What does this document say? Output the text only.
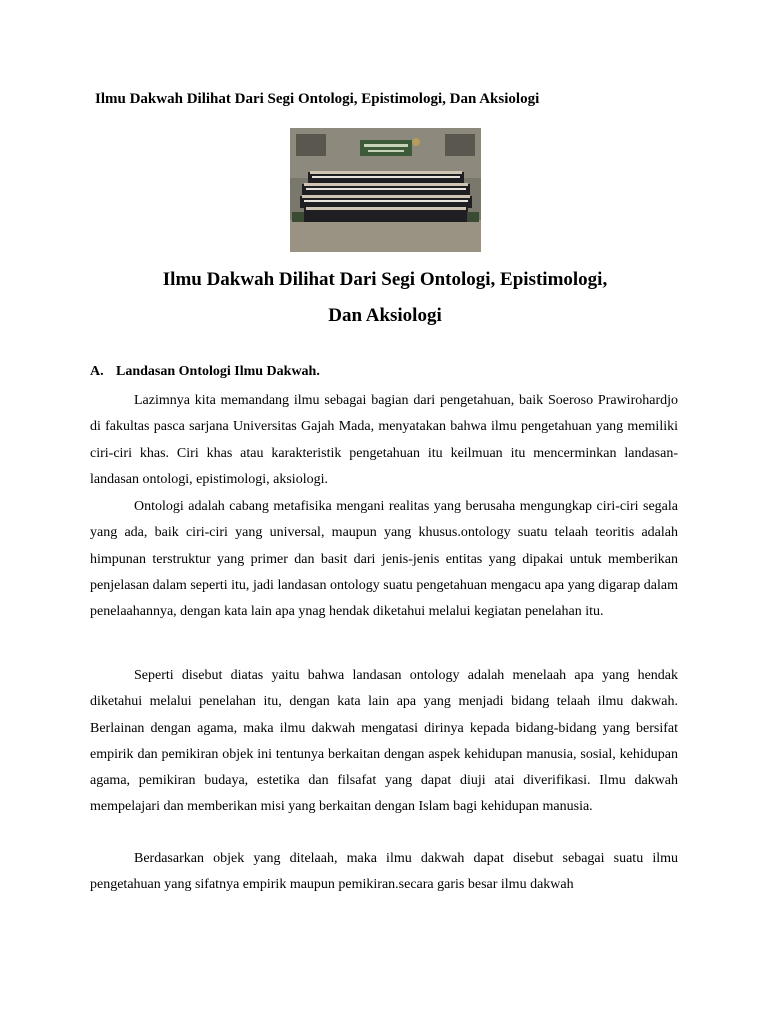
Ilmu Dakwah Dilihat Dari Segi Ontologi, Epistimologi, Dan Aksiologi
Ilmu Dakwah Dilihat Dari Segi Ontologi, Epistimologi,
Dan Aksiologi
A. Landasan Ontologi Ilmu Dakwah.

Lazimnya kita memandang ilmu sebagai bagian dari pengetahuan, baik Soeroso Prawirohardjo di fakultas pasca sarjana Universitas Gajah Mada, menyatakan bahwa ilmu pengetahuan yang memiliki ciri-ciri khas. Ciri khas atau karakteristik pengetahuan itu keilmuan itu mencerminkan landasan-landasan ontologi, epistimologi, aksiologi.

Ontologi adalah cabang metafisika mengani realitas yang berusaha mengungkap ciri-ciri segala yang ada, baik ciri-ciri yang universal, maupun yang khusus.ontology suatu telaah teoritis adalah himpunan terstruktur yang primer dan basit dari jenis-jenis entitas yang dipakai untuk memberikan penjelasan dalam seperti itu, jadi landasan ontology suatu pengetahuan mengacu apa yang digarap dalam penelaahannya, dengan kata lain apa ynag hendak diketahui melalui kegiatan penelahan itu.

Seperti disebut diatas yaitu bahwa landasan ontology adalah menelaah apa yang hendak diketahui melalui penelahan itu, dengan kata lain apa yang menjadi bidang telaah ilmu dakwah. Berlainan dengan agama, maka ilmu dakwah mengatasi dirinya kepada bidang-bidang yang bersifat empirik dan pemikiran objek ini tentunya berkaitan dengan aspek kehidupan manusia, sosial, kehidupan agama, pemikiran budaya, estetika dan filsafat yang dapat diuji atai diverifikasi. Ilmu dakwah mempelajari dan memberikan misi yang berkaitan dengan Islam bagi kehidupan manusia.

Berdasarkan objek yang ditelaah, maka ilmu dakwah dapat disebut sebagai suatu ilmu pengetahuan yang sifatnya empirik maupun pemikiran.secara garis besar ilmu dakwah
